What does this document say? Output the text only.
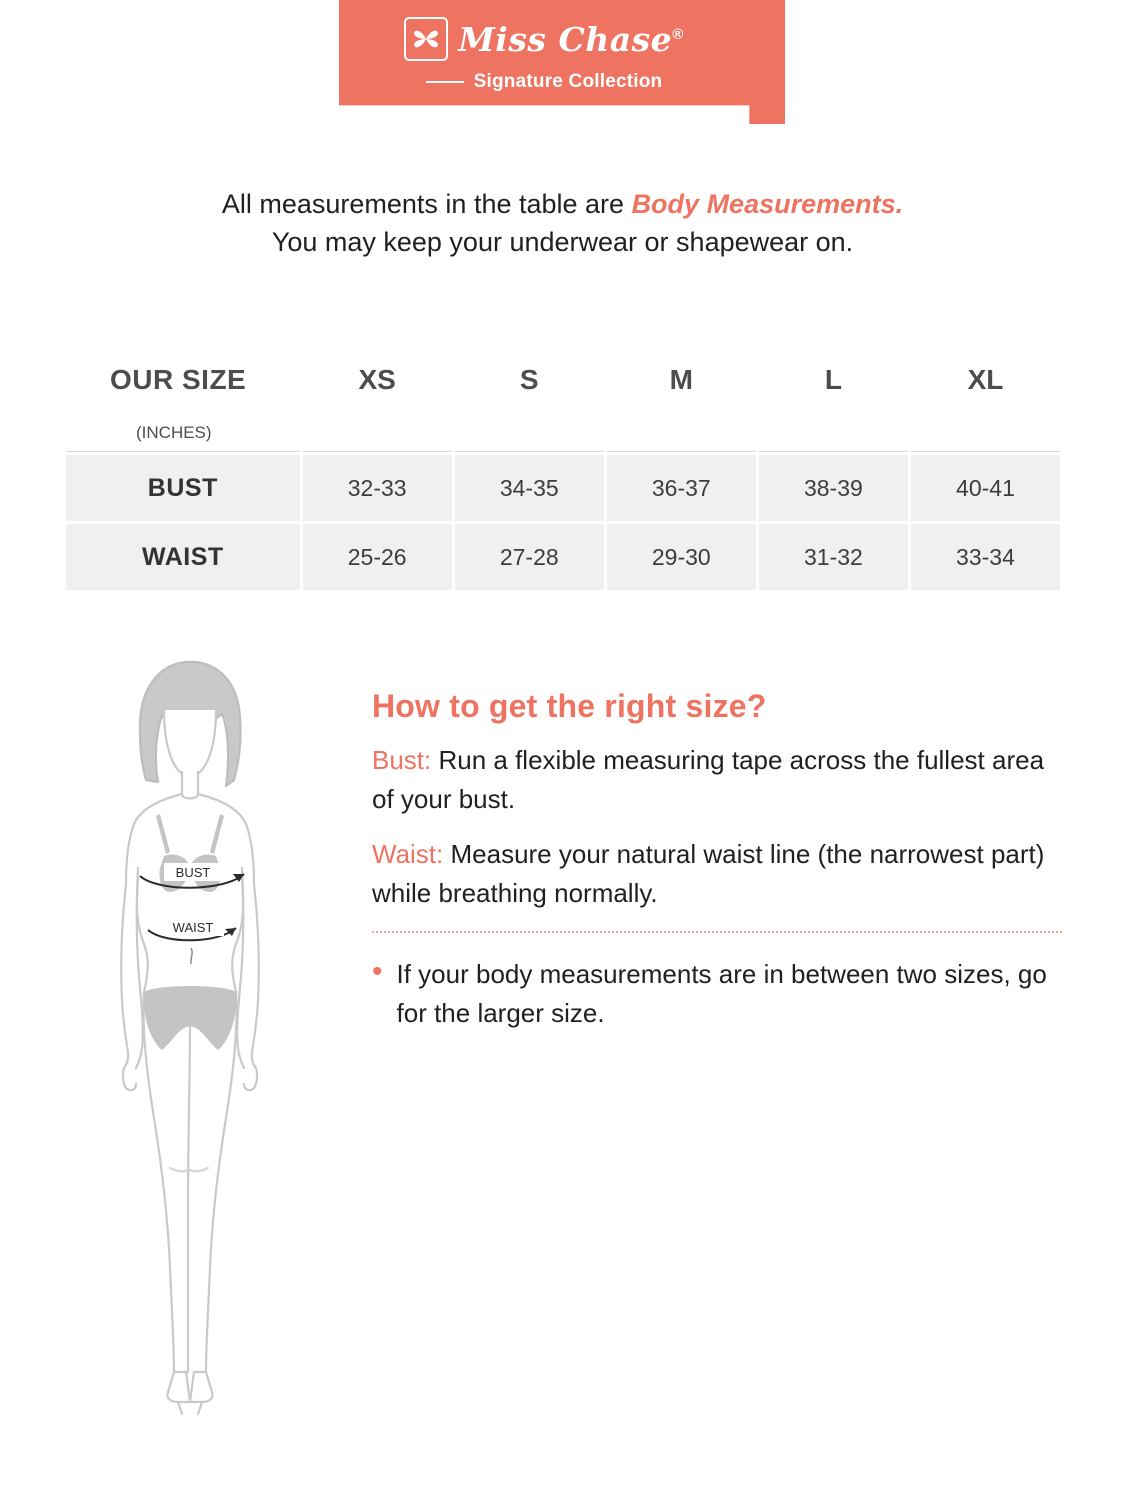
Miss Chase®
Signature Collection
All measurements in the table are Body Measurements.
You may keep your underwear or shapewear on.
OUR SIZE	XS	S	M	L	XL
(INCHES)					
BUST	32-33	34-35	36-37	38-39	40-41
WAIST	25-26	27-28	29-30	31-32	33-34
BUST
WAIST
How to get the right size?

Bust: Run a flexible measuring tape across the fullest area of your bust.

Waist: Measure your natural waist line (the narrowest part) while breathing normally.

• If your body measurements are in between two sizes, go for the larger size.
